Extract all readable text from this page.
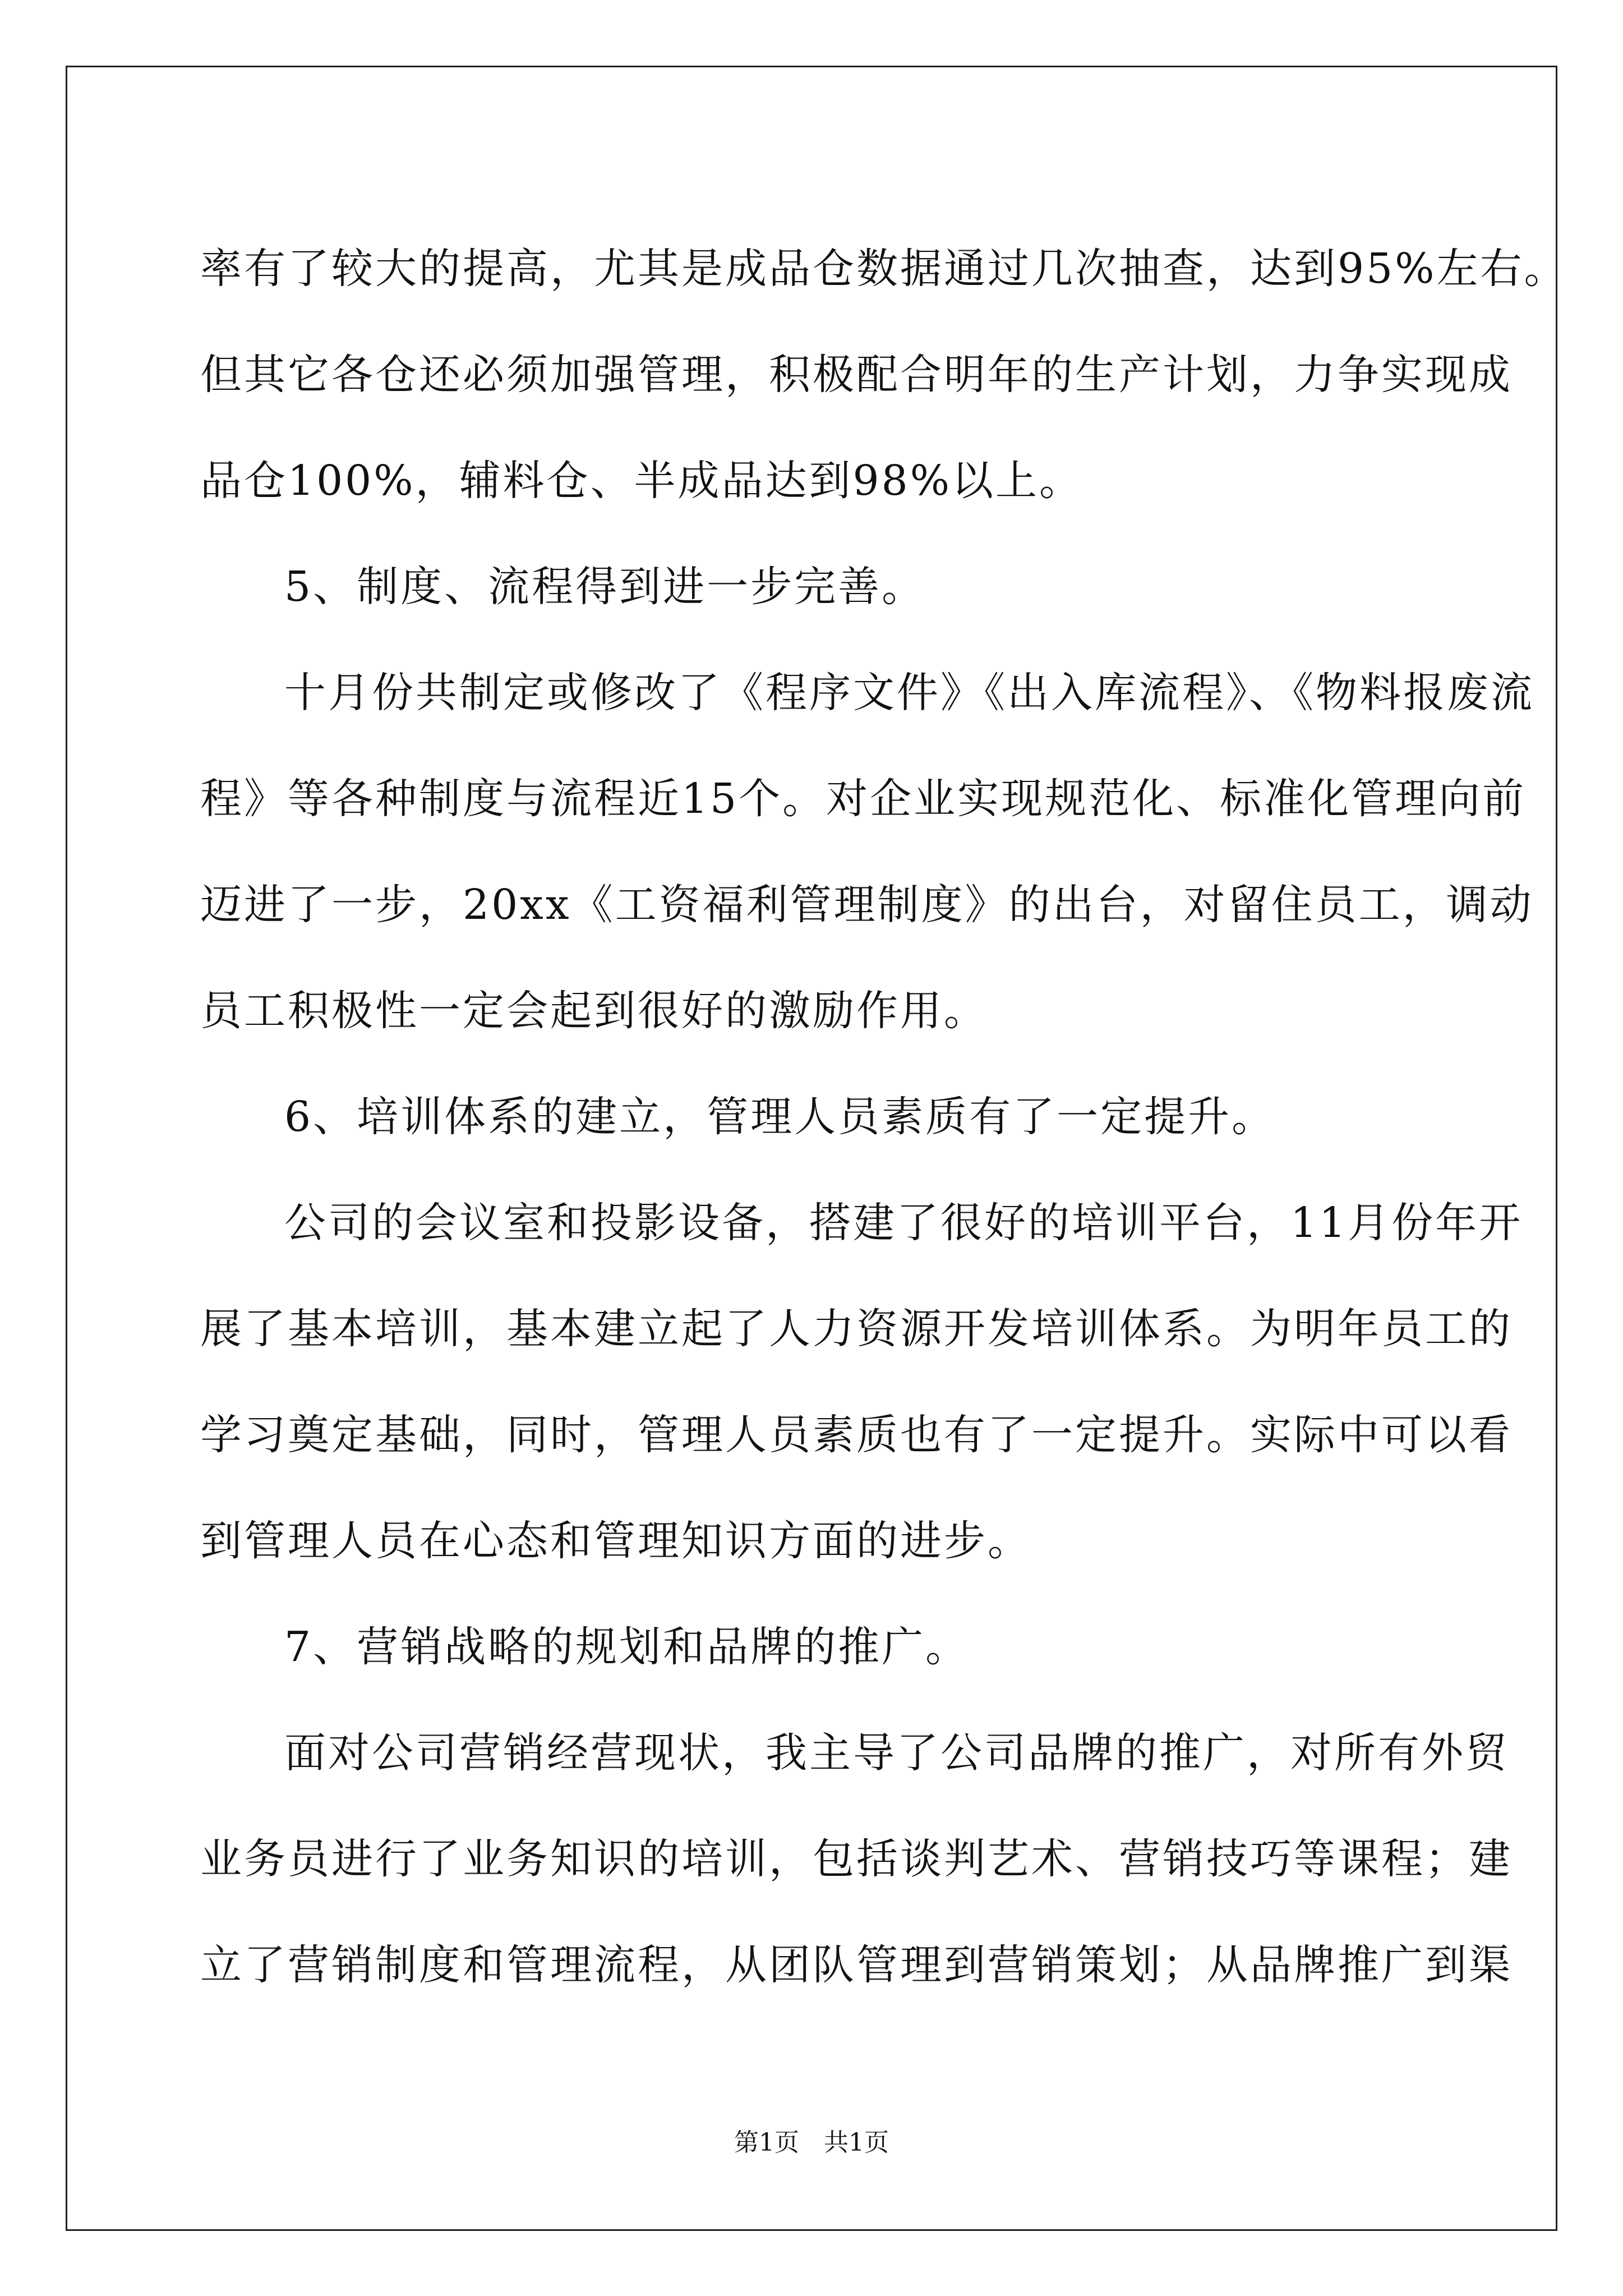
率有了较大的提高，尤其是成品仓数据通过几次抽查，达到95%左右。
但其它各仓还必须加强管理，积极配合明年的生产计划，力争实现成
品仓100%，辅料仓、半成品达到98%以上。
5、制度、流程得到进一步完善。
十月份共制定或修改了《程序文件》《出入库流程》、《物料报废流
程》等各种制度与流程近15个。对企业实现规范化、标准化管理向前
迈进了一步，20xx《工资福利管理制度》的出台，对留住员工，调动
员工积极性一定会起到很好的激励作用。
6、培训体系的建立，管理人员素质有了一定提升。
公司的会议室和投影设备，搭建了很好的培训平台，11月份年开
展了基本培训，基本建立起了人力资源开发培训体系。为明年员工的
学习奠定基础，同时，管理人员素质也有了一定提升。实际中可以看
到管理人员在心态和管理知识方面的进步。
7、营销战略的规划和品牌的推广。
面对公司营销经营现状，我主导了公司品牌的推广，对所有外贸
业务员进行了业务知识的培训，包括谈判艺术、营销技巧等课程；建
立了营销制度和管理流程，从团队管理到营销策划；从品牌推广到渠
第1页　共1页
